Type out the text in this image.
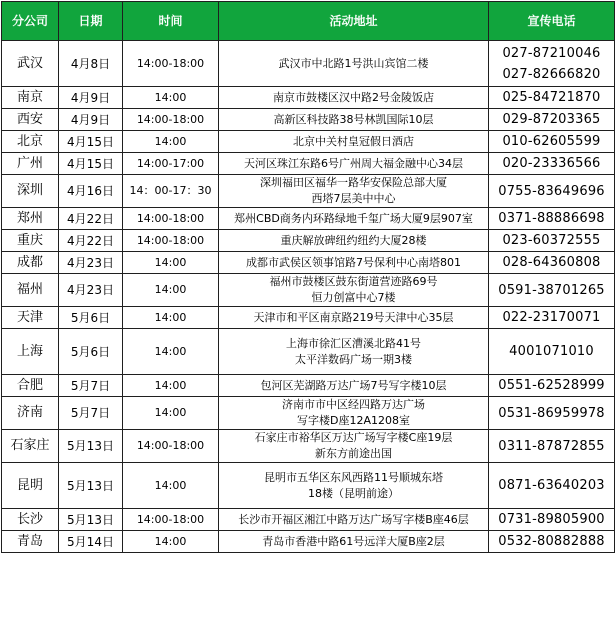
分公司	日期	时间	活动地址	宣传电话
武汉	4月8日	14:00-18:00	武汉市中北路1号洪山宾馆二楼	027-87210046
027-82666820

南京	4月9日	14:00	南京市鼓楼区汉中路2号金陵饭店	025-84721870

西安	4月9日	14:00-18:00	高新区科技路38号林凯国际10层	029-87203365

北京	4月15日	14:00	北京中关村皇冠假日酒店	010-62605599

广州	4月15日	14:00-17:00	天河区珠江东路6号广州周大福金融中心34层	020-23336566

深圳	4月16日	14：00-17：30	深圳福田区福华一路华安保险总部大厦
西塔7层美中中心	0755-83649696

郑州	4月22日	14:00-18:00	郑州CBD商务内环路绿地千玺广场大厦9层907室	0371-88886698

重庆	4月22日	14:00-18:00	重庆解放碑纽约纽约大厦28楼	023-60372555

成都	4月23日	14:00	成都市武侯区领事馆路7号保利中心南塔801	028-64360808

福州	4月23日	14:00	福州市鼓楼区鼓东街道营迹路69号
恒力创富中心7楼	0591-38701265

天津	5月6日	14:00	天津市和平区南京路219号天津中心35层	022-23170071

上海	5月6日	14:00	上海市徐汇区漕溪北路41号
太平洋数码广场一期3楼	4001071010

合肥	5月7日	14:00	包河区芜湖路万达广场7号写字楼10层	0551-62528999

济南	5月7日	14:00	济南市市中区经四路万达广场
写字楼D座12A1208室	0531-86959978

石家庄	5月13日	14:00-18:00	石家庄市裕华区万达广场写字楼C座19层
新东方前途出国	0311-87872855

昆明	5月13日	14:00	昆明市五华区东风西路11号顺城东塔
18楼（昆明前途）	0871-63640203

长沙	5月13日	14:00-18:00	长沙市开福区湘江中路万达广场写字楼B座46层	0731-89805900

青岛	5月14日	14:00	青岛市香港中路61号远洋大厦B座2层	0532-80882888
